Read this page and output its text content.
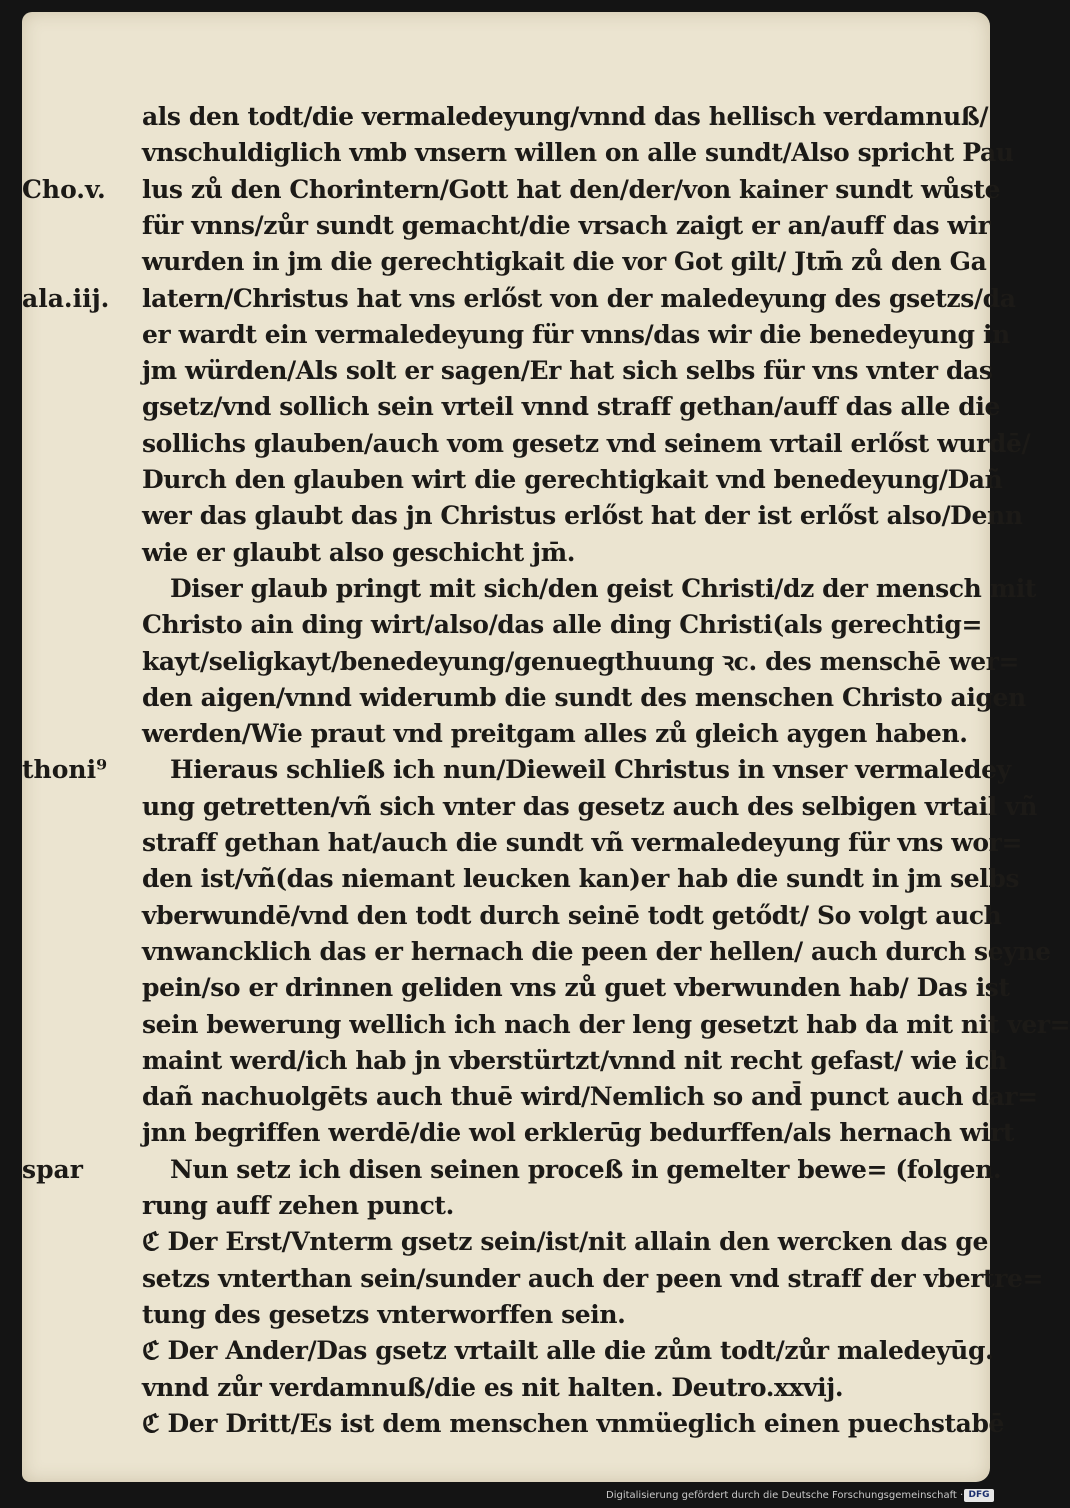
als den todt/die vermaledeyung/vnnd das hellisch verdamnuß/
vnschuldiglich vmb vnsern willen on alle sundt/Also spricht Pau
lus zů den Chorintern/Gott hat den/der/von kainer sundt wůste
für vnns/zůr sundt gemacht/die vrsach zaigt er an/auff das wir
wurden in jm die gerechtigkait die vor Got gilt/ Jtm̄ zů den Ga
latern/Christus hat vns erlőst von der maledeyung des gsetzs/da
er wardt ein vermaledeyung für vnns/das wir die benedeyung in
jm würden/Als solt er sagen/Er hat sich selbs für vns vnter das
gsetz/vnd sollich sein vrteil vnnd straff gethan/auff das alle die
sollichs glauben/auch vom gesetz vnd seinem vrtail erlőst wurdē/
Durch den glauben wirt die gerechtigkait vnd benedeyung/Dañ
wer das glaubt das jn Christus erlőst hat der ist erlőst also/Denn
wie er glaubt also geschicht jm̄.
Diser glaub pringt mit sich/den geist Christi/dz der mensch mit
Christo ain ding wirt/also/das alle ding Christi(als gerechtig=
kayt/seligkayt/benedeyung/genuegthuung ꝛc. des menschē wer=
den aigen/vnnd widerumb die sundt des menschen Christo aigen
werden/Wie praut vnd preitgam alles zů gleich aygen haben.
Hieraus schließ ich nun/Dieweil Christus in vnser vermaledey
ung getretten/vñ sich vnter das gesetz auch des selbigen vrtail vñ
straff gethan hat/auch die sundt vñ vermaledeyung für vns wor=
den ist/vñ(das niemant leucken kan)er hab die sundt in jm selbs
vberwundē/vnd den todt durch seinē todt getődt/ So volgt auch
vnwancklich das er hernach die peen der hellen/ auch durch seyne
pein/so er drinnen geliden vns zů guet vberwunden hab/ Das ist
sein bewerung wellich ich nach der leng gesetzt hab da mit nit ver=
maint werd/ich hab jn vberstürtzt/vnnd nit recht gefast/ wie ich
dañ nachuolgēts auch thuē wird/Nemlich so and̄ punct auch dar=
jnn begriffen werdē/die wol erklerūg bedurffen/als hernach wirt
Nun setz ich disen seinen proceß in gemelter bewe= (folgen.
rung auff zehen punct.
ℭ Der Erst/Vnterm gsetz sein/ist/nit allain den wercken das ge
setzs vnterthan sein/sunder auch der peen vnd straff der vbertre=
tung des gesetzs vnterworffen sein.
ℭ Der Ander/Das gsetz vrtailt alle die zům todt/zůr maledeyūg.
vnnd zůr verdamnuß/die es nit halten. Deutro.xxvij.
ℭ Der Dritt/Es ist dem menschen vnmüeglich einen puechstabē
Cho.v.
ala.iij.
thoni⁹
spar
Digitalisierung gefördert durch die Deutsche Forschungsgemeinschaft · DFG
